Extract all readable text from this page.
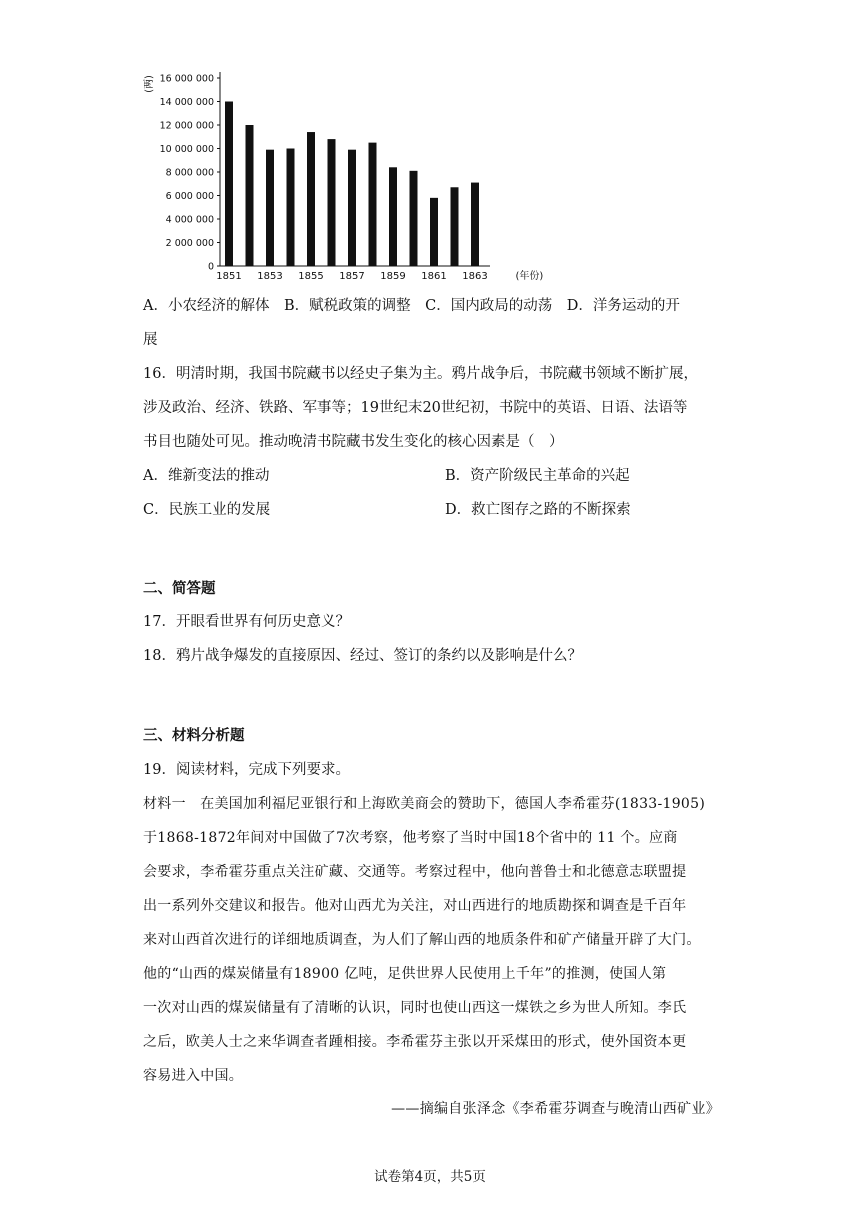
0
2 000 000
4 000 000
6 000 000
8 000 000
10 000 000
12 000 000
14 000 000
16 000 000
(两)
1851 1853 1855 1857 1859 1861 1863	(年份)
A．小农经济的解体　B．赋税政策的调整　C．国内政局的动荡　D．洋务运动的开
展
16．明清时期，我国书院藏书以经史子集为主。鸦片战争后，书院藏书领域不断扩展，
涉及政治、经济、铁路、军事等；19世纪末20世纪初，书院中的英语、日语、法语等
书目也随处可见。推动晚清书院藏书发生变化的核心因素是（　）
A．维新变法的推动	B．资产阶级民主革命的兴起
C．民族工业的发展	D．救亡图存之路的不断探索
二、简答题
17．开眼看世界有何历史意义？
18．鸦片战争爆发的直接原因、经过、签订的条约以及影响是什么？
三、材料分析题
19．阅读材料，完成下列要求。
材料一　在美国加利福尼亚银行和上海欧美商会的赞助下，德国人李希霍芬(1833-1905)
于1868-1872年间对中国做了7次考察，他考察了当时中国18个省中的 11 个。应商
会要求，李希霍芬重点关注矿藏、交通等。考察过程中，他向普鲁士和北德意志联盟提
出一系列外交建议和报告。他对山西尤为关注，对山西进行的地质勘探和调查是千百年
来对山西首次进行的详细地质调查，为人们了解山西的地质条件和矿产储量开辟了大门。
他的“山西的煤炭储量有18900 亿吨，足供世界人民使用上千年”的推测，使国人第
一次对山西的煤炭储量有了清晰的认识，同时也使山西这一煤铁之乡为世人所知。李氏
之后，欧美人士之来华调查者踵相接。李希霍芬主张以开采煤田的形式，使外国资本更
容易进入中国。
——摘编自张泽念《李希霍芬调查与晚清山西矿业》
试卷第4页，共5页
